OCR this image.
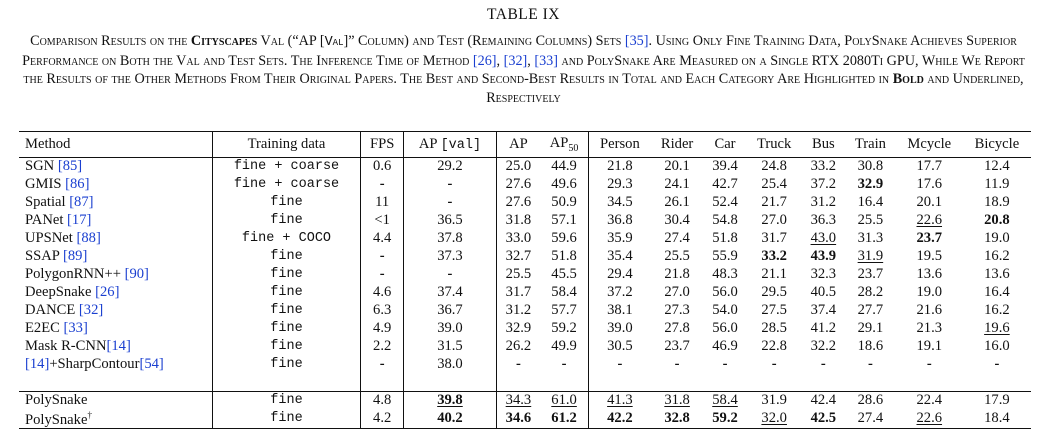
TABLE IX
Comparison Results on the Cityscapes Val (“AP [Val]” Column) and Test (Remaining Columns) Sets [35]. Using Only Fine Training Data, PolySnake Achieves Superior Performance on Both the Val and Test Sets. The Inference Time of Method [26], [32], [33] and PolySnake Are Measured on a Single RTX 2080Ti GPU, While We Report the Results of the Other Methods From Their Original Papers. The Best and Second-Best Results in Total and Each Category Are Highlighted in Bold and Underlined, Respectively
Method	Training data	FPS	AP [val]	AP	$AP_{50}$	Person	Rider	Car	Truck	Bus	Train	Mcycle	Bicycle
SGN [85]	fine + coarse	0.6	29.2	25.0	44.9	21.8	20.1	39.4	24.8	33.2	30.8	17.7	12.4
GMIS [86]	fine + coarse	-	-	27.6	49.6	29.3	24.1	42.7	25.4	37.2	32.9	17.6	11.9
Spatial [87]	fine	11	-	27.6	50.9	34.5	26.1	52.4	21.7	31.2	16.4	20.1	18.9
PANet [17]	fine	<1	36.5	31.8	57.1	36.8	30.4	54.8	27.0	36.3	25.5	22.6	20.8
UPSNet [88]	fine + COCO	4.4	37.8	33.0	59.6	35.9	27.4	51.8	31.7	43.0	31.3	23.7	19.0
SSAP [89]	fine	-	37.3	32.7	51.8	35.4	25.5	55.9	33.2	43.9	31.9	19.5	16.2
PolygonRNN++ [90]	fine	-	-	25.5	45.5	29.4	21.8	48.3	21.1	32.3	23.7	13.6	13.6
DeepSnake [26]	fine	4.6	37.4	31.7	58.4	37.2	27.0	56.0	29.5	40.5	28.2	19.0	16.4
DANCE [32]	fine	6.3	36.7	31.2	57.7	38.1	27.3	54.0	27.5	37.4	27.7	21.6	16.2
E2EC [33]	fine	4.9	39.0	32.9	59.2	39.0	27.8	56.0	28.5	41.2	29.1	21.3	19.6
Mask R-CNN[14]	fine	2.2	31.5	26.2	49.9	30.5	23.7	46.9	22.8	32.2	18.6	19.1	16.0
[14]+SharpContour[54]	fine	-	38.0	-	-	-	-	-	-	-	-	-	-

PolySnake	fine	4.8	39.8	34.3	61.0	41.3	31.8	58.4	31.9	42.4	28.6	22.4	17.9
PolySnake†	fine	4.2	40.2	34.6	61.2	42.2	32.8	59.2	32.0	42.5	27.4	22.6	18.4
